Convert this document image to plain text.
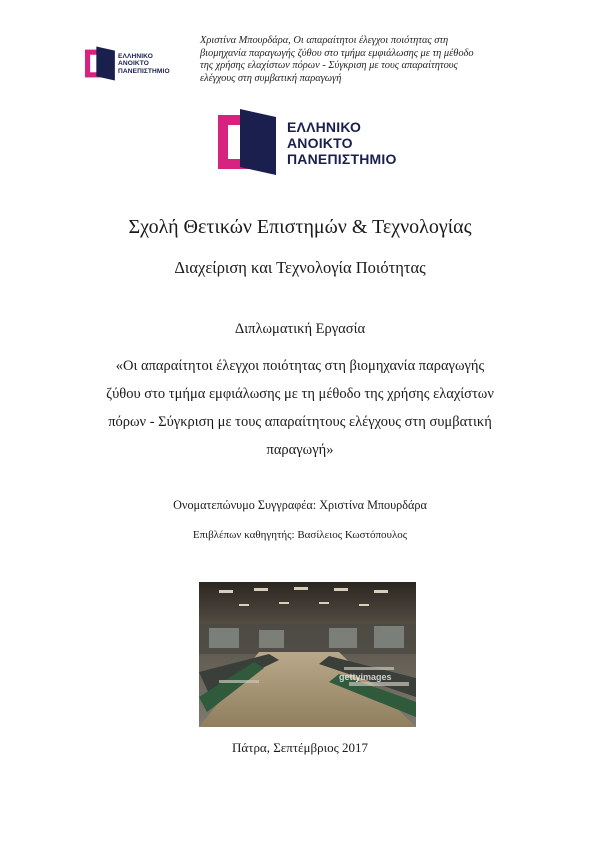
ΕΛΛΗΝΙΚΟ
ΑΝΟΙΚΤΟ
ΠΑΝΕΠΙΣΤΗΜΙΟ
Χριστίνα Μπουρδάρα, Οι απαραίτητοι έλεγχοι ποιότητας στη
βιομηχανία παραγωγής ζύθου στο τμήμα εμφιάλωσης με τη μέθοδο
της χρήσης ελαχίστων πόρων - Σύγκριση με τους απαραίτητους
ελέγχους στη συμβατική παραγωγή
ΕΛΛΗΝΙΚΟ
ΑΝΟΙΚΤΟ
ΠΑΝΕΠΙΣΤΗΜΙΟ
Σχολή Θετικών Επιστημών & Τεχνολογίας
Διαχείριση και Τεχνολογία Ποιότητας
Διπλωματική Εργασία
«Οι απαραίτητοι έλεγχοι ποιότητας στη βιομηχανία παραγωγής
ζύθου στο τμήμα εμφιάλωσης με τη μέθοδο της χρήσης ελαχίστων
πόρων - Σύγκριση με τους απαραίτητους ελέγχους στη συμβατική
παραγωγή»
Ονοματεπώνυμο Συγγραφέα: Χριστίνα Μπουρδάρα
Επιβλέπων καθηγητής: Βασίλειος Κωστόπουλος
gettyimages
Πάτρα, Σεπτέμβριος 2017
